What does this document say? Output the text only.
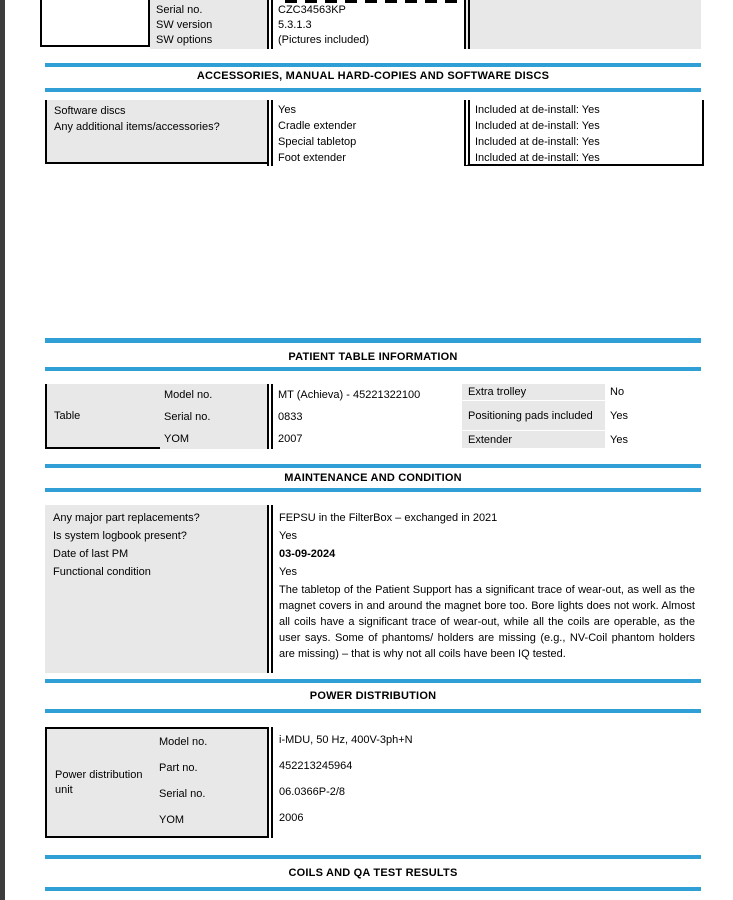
Serial no.
SW version
SW options
CZC34563KP
5.3.1.3
(Pictures included)
ACCESSORIES, MANUAL HARD-COPIES AND SOFTWARE DISCS
Software discs
Any additional items/accessories?
Yes
Cradle extender
Special tabletop
Foot extender
Included at de-install: Yes
Included at de-install: Yes
Included at de-install: Yes
Included at de-install: Yes
PATIENT TABLE INFORMATION
Table
Model no.
Serial no.
YOM
MT (Achieva) - 45221322100
0833
2007
Extra trolley
Positioning pads included
Extender
No
Yes
Yes
MAINTENANCE AND CONDITION
Any major part replacements?
Is system logbook present?
Date of last PM
Functional condition
FEPSU in the FilterBox – exchanged in 2021
Yes
03-09-2024
Yes
The tabletop of the Patient Support has a significant trace of wear-out, as well as the magnet covers in and around the magnet bore too. Bore lights does not work. Almost all coils have a significant trace of wear-out, while all the coils are operable, as the user says. Some of phantoms/ holders are missing (e.g., NV-Coil phantom holders are missing) – that is why not all coils have been IQ tested.
POWER DISTRIBUTION
Power distribution unit
Model no.
Part no.
Serial no.
YOM
i-MDU, 50 Hz, 400V-3ph+N
452213245964
06.0366P-2/8
2006
COILS AND QA TEST RESULTS
